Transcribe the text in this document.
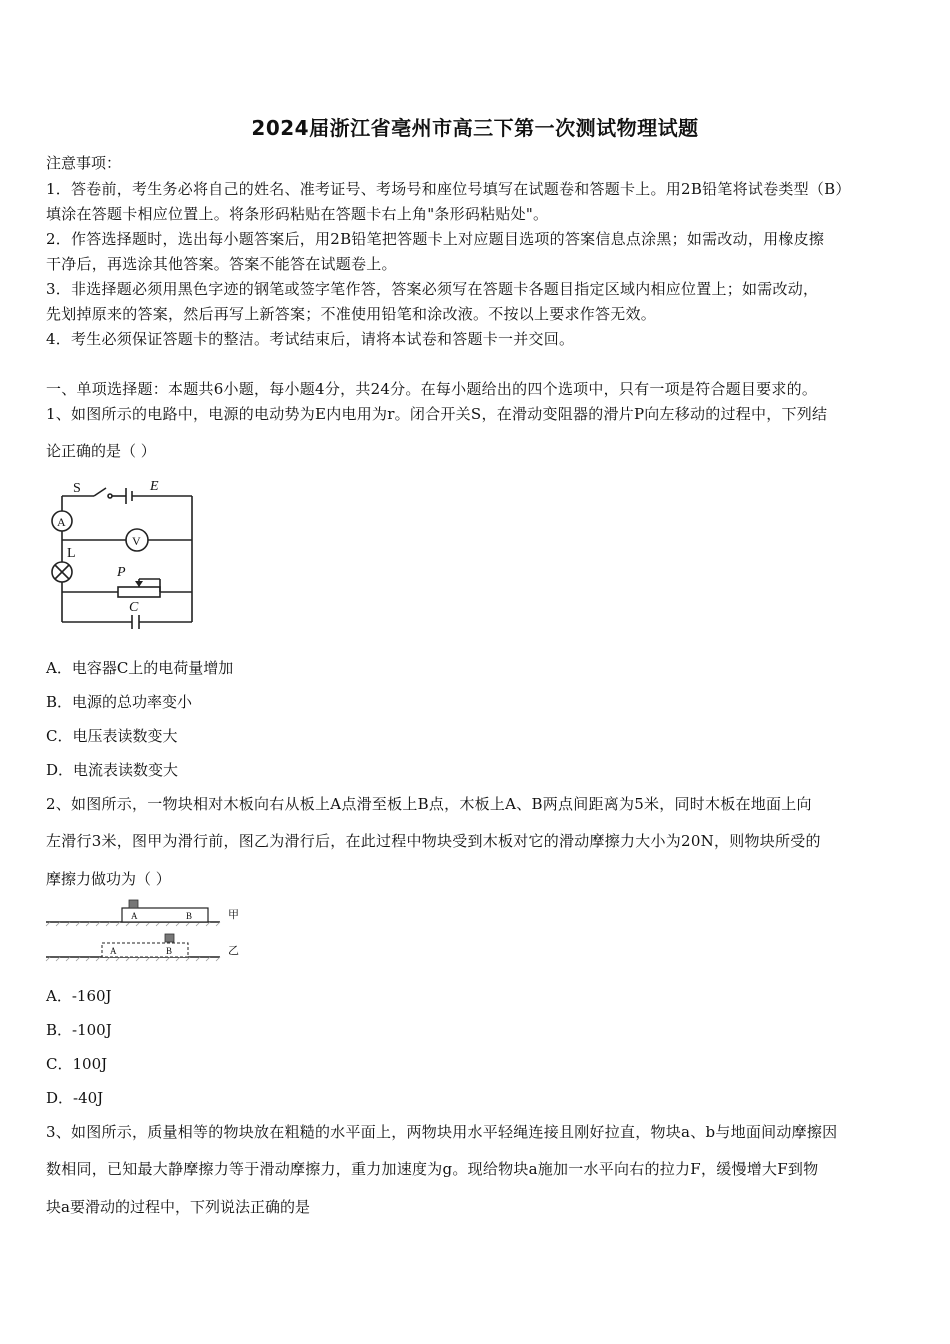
2024届浙江省亳州市高三下第一次测试物理试题
注意事项：
1．答卷前，考生务必将自己的姓名、准考证号、考场号和座位号填写在试题卷和答题卡上。用2B铅笔将试卷类型（B）
填涂在答题卡相应位置上。将条形码粘贴在答题卡右上角"条形码粘贴处"。
2．作答选择题时，选出每小题答案后，用2B铅笔把答题卡上对应题目选项的答案信息点涂黑；如需改动，用橡皮擦
干净后，再选涂其他答案。答案不能答在试题卷上。
3．非选择题必须用黑色字迹的钢笔或签字笔作答，答案必须写在答题卡各题目指定区域内相应位置上；如需改动，
先划掉原来的答案，然后再写上新答案；不准使用铅笔和涂改液。不按以上要求作答无效。
4．考生必须保证答题卡的整洁。考试结束后，请将本试卷和答题卡一并交回。
一、单项选择题：本题共6小题，每小题4分，共24分。在每小题给出的四个选项中，只有一项是符合题目要求的。
1、如图所示的电路中，电源的电动势为E内电用为r。闭合开关S，在滑动变阻器的滑片P向左移动的过程中，下列结
论正确的是（ ）
S	E
A
V
L
P
C
A．电容器C上的电荷量增加
B．电源的总功率变小
C．电压表读数变大
D．电流表读数变大
2、如图所示，一物块相对木板向右从板上A点滑至板上B点，木板上A、B两点间距离为5米，同时木板在地面上向
左滑行3米，图甲为滑行前，图乙为滑行后，在此过程中物块受到木板对它的滑动摩擦力大小为20N，则物块所受的
摩擦力做功为（ ）
A	B
A	B
甲
乙
A．-160J
B．-100J
C．100J
D．-40J
3、如图所示，质量相等的物块放在粗糙的水平面上，两物块用水平轻绳连接且刚好拉直，物块a、b与地面间动摩擦因
数相同，已知最大静摩擦力等于滑动摩擦力，重力加速度为g。现给物块a施加一水平向右的拉力F，缓慢增大F到物
块a要滑动的过程中，下列说法正确的是
